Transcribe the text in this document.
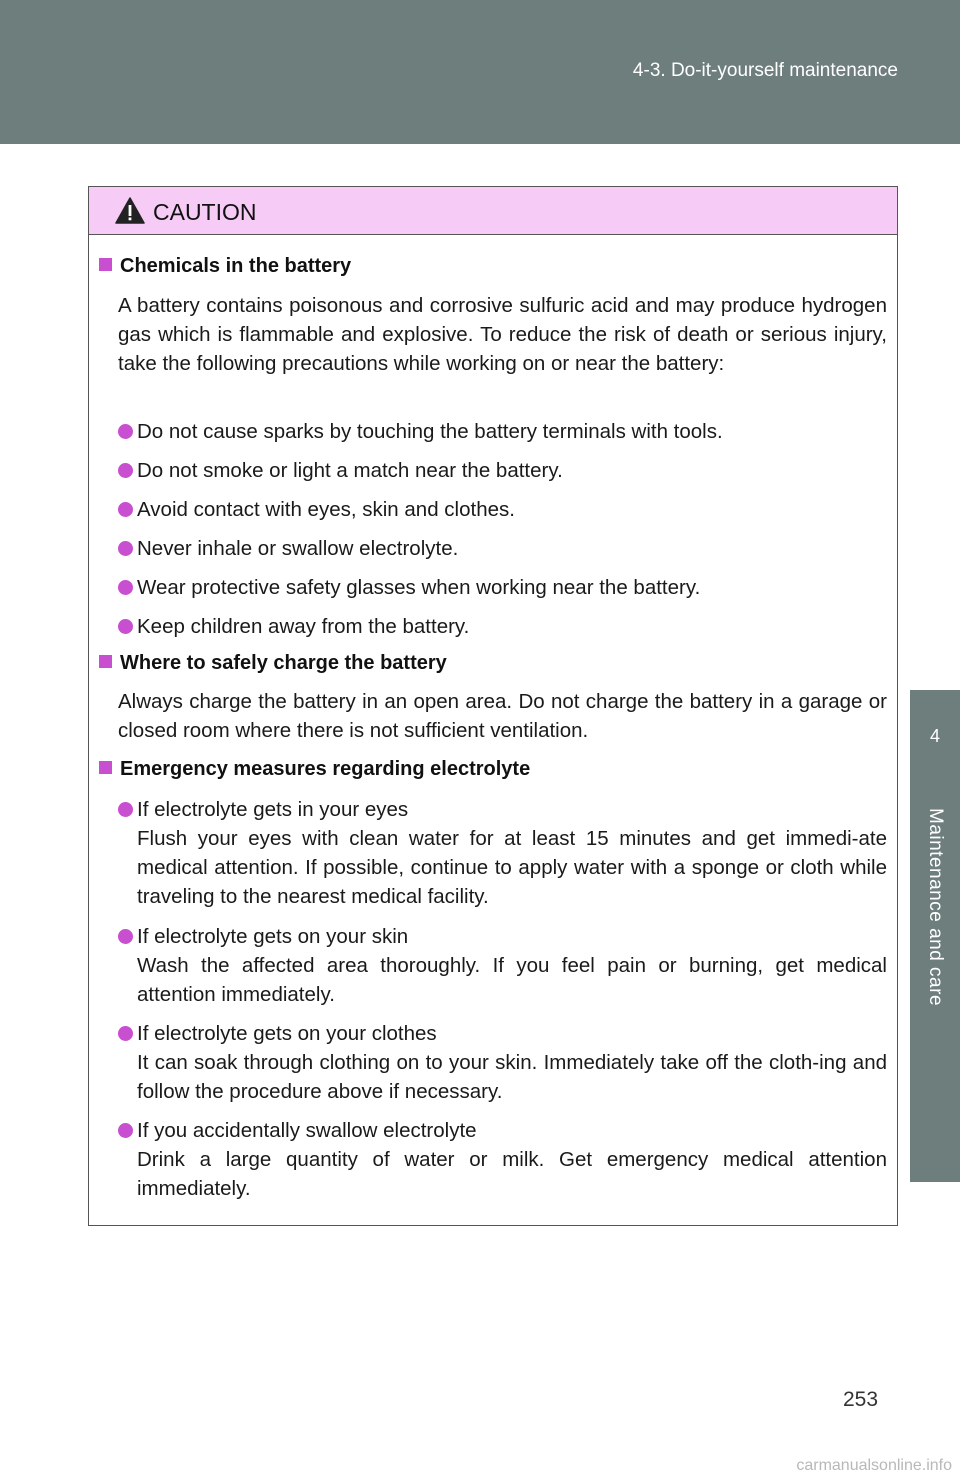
4-3. Do-it-yourself maintenance
4
Maintenance and care
CAUTION
Chemicals in the battery
A battery contains poisonous and corrosive sulfuric acid and may produce hydrogen gas which is flammable and explosive. To reduce the risk of death or serious injury, take the following precautions while working on or near the battery:
Do not cause sparks by touching the battery terminals with tools.
Do not smoke or light a match near the battery.
Avoid contact with eyes, skin and clothes.
Never inhale or swallow electrolyte.
Wear protective safety glasses when working near the battery.
Keep children away from the battery.
Where to safely charge the battery
Always charge the battery in an open area. Do not charge the battery in a garage or closed room where there is not sufficient ventilation.
Emergency measures regarding electrolyte
If electrolyte gets in your eyes
Flush your eyes with clean water for at least 15 minutes and get immedi-ate medical attention. If possible, continue to apply water with a sponge or cloth while traveling to the nearest medical facility.
If electrolyte gets on your skin
Wash the affected area thoroughly. If you feel pain or burning, get medical attention immediately.
If electrolyte gets on your clothes
It can soak through clothing on to your skin. Immediately take off the cloth-ing and follow the procedure above if necessary.
If you accidentally swallow electrolyte
Drink a large quantity of water or milk. Get emergency medical attention immediately.
253
carmanualsonline.info
